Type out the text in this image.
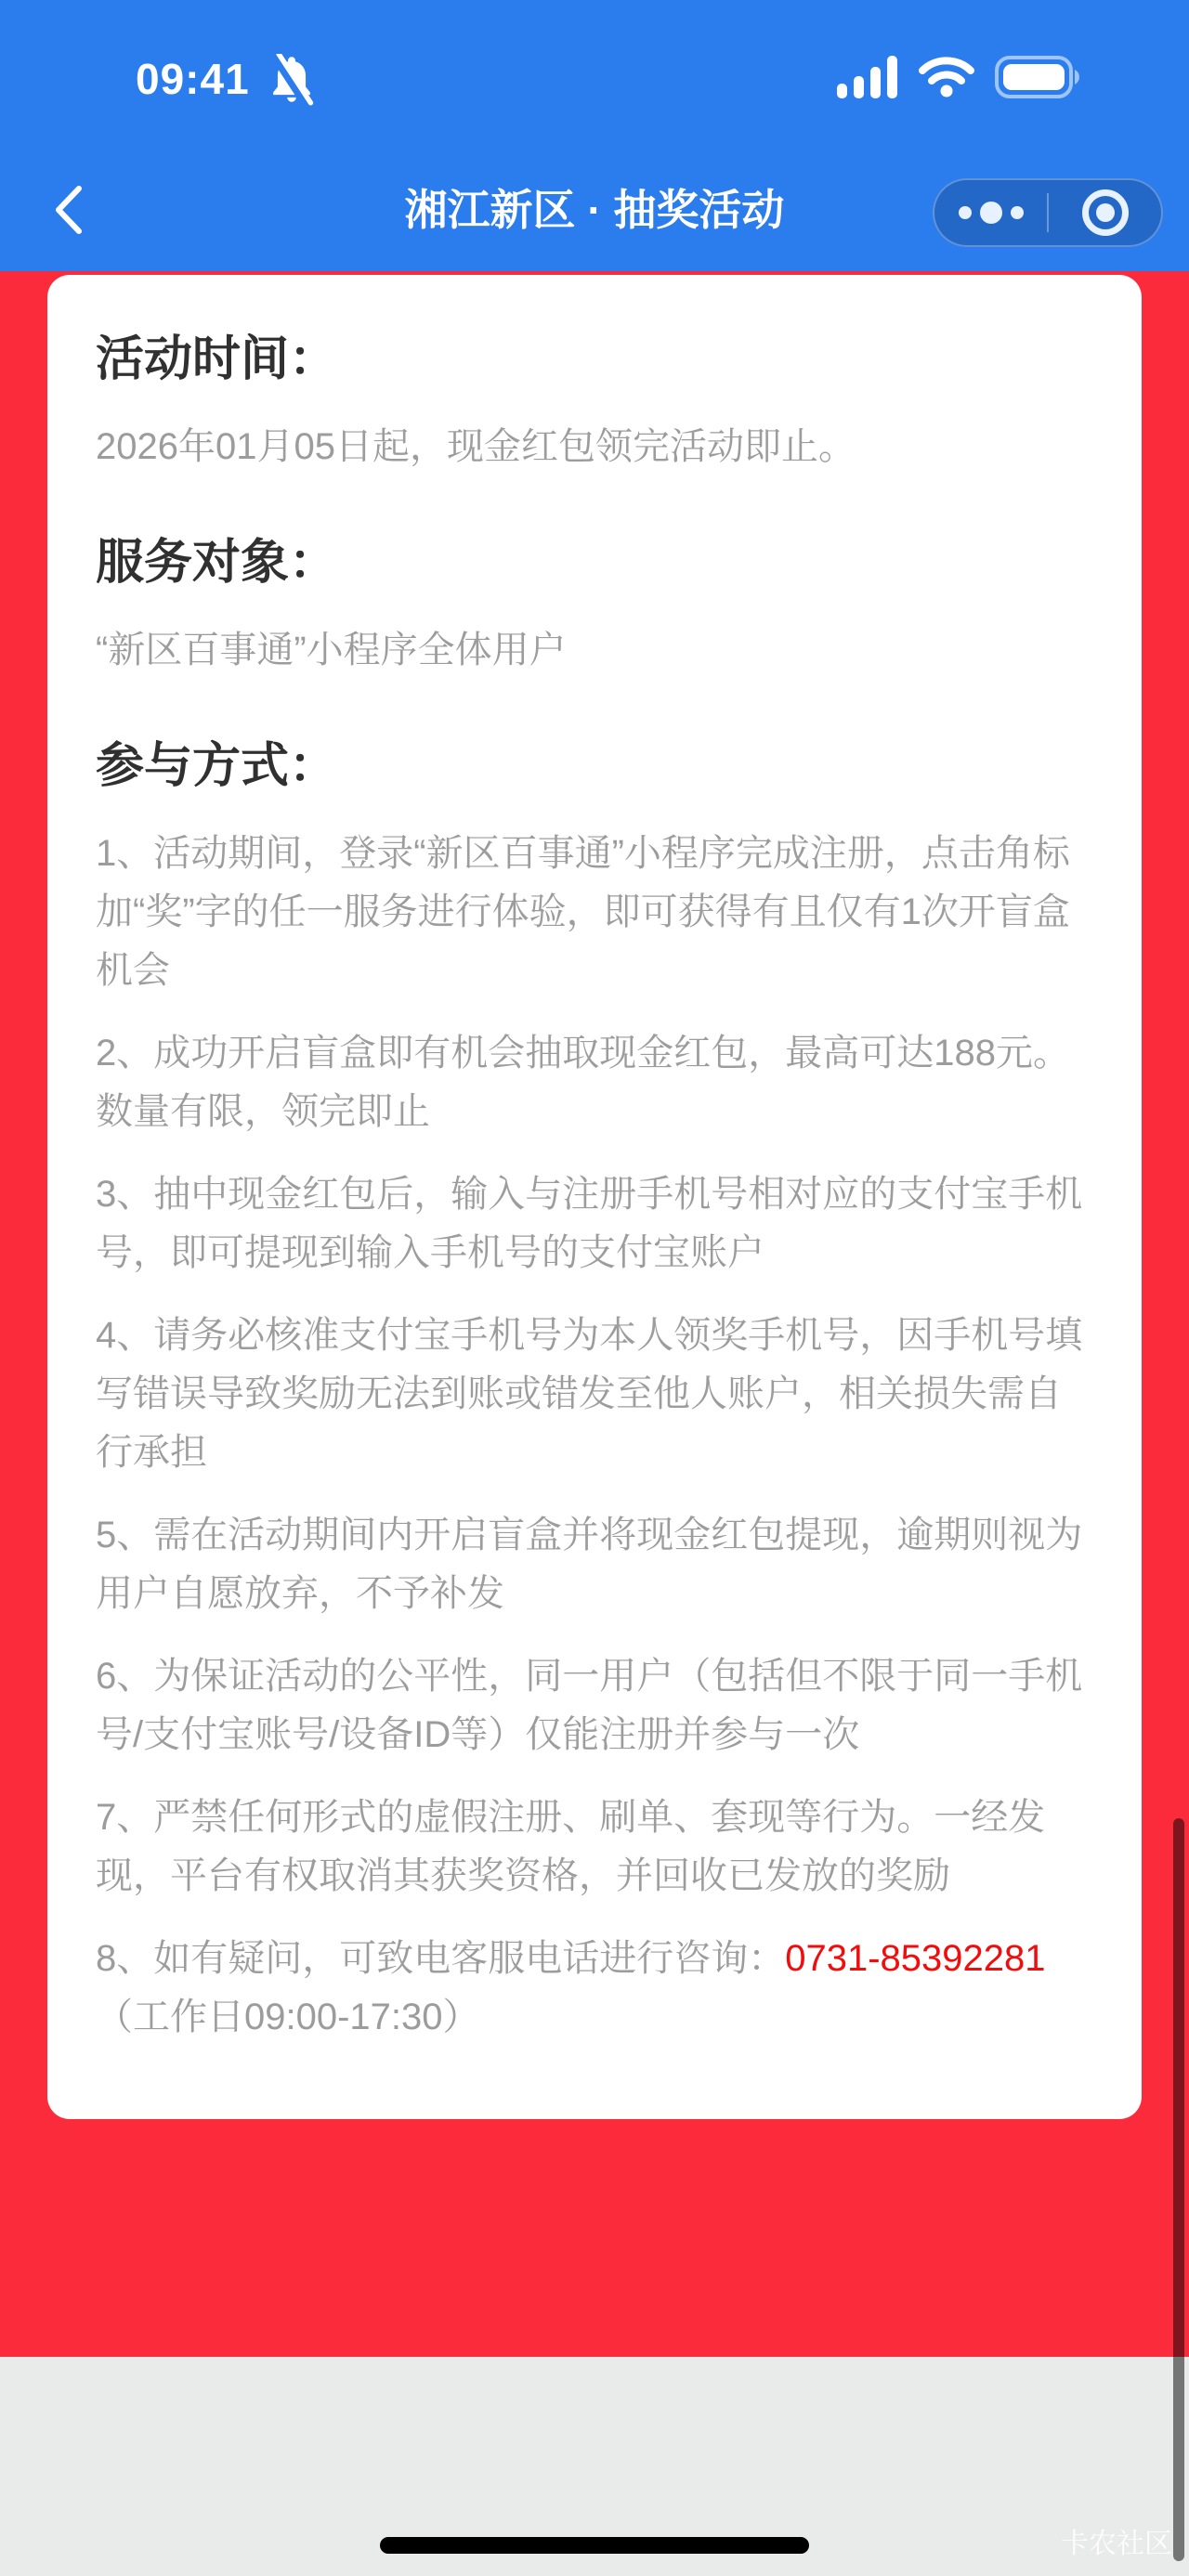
09:41
湘江新区 · 抽奖活动
活动时间：

2026年01月05日起，现金红包领完活动即止。

服务对象：

“新区百事通”小程序全体用户

参与方式：

1、活动期间，登录“新区百事通”小程序完成注册，点击角标加“奖”字的任一服务进行体验，即可获得有且仅有1次开盲盒机会

2、成功开启盲盒即有机会抽取现金红包，最高可达188元。数量有限，领完即止

3、抽中现金红包后，输入与注册手机号相对应的支付宝手机号，即可提现到输入手机号的支付宝账户

4、请务必核准支付宝手机号为本人领奖手机号，因手机号填写错误导致奖励无法到账或错发至他人账户，相关损失需自行承担

5、需在活动期间内开启盲盒并将现金红包提现，逾期则视为用户自愿放弃，不予补发

6、为保证活动的公平性，同一用户（包括但不限于同一手机号/支付宝账号/设备ID等）仅能注册并参与一次

7、严禁任何形式的虚假注册、刷单、套现等行为。一经发现，平台有权取消其获奖资格，并回收已发放的奖励

8、如有疑问，可致电客服电话进行咨询：0731-85392281（工作日09:00-17:30）

卡农社区
